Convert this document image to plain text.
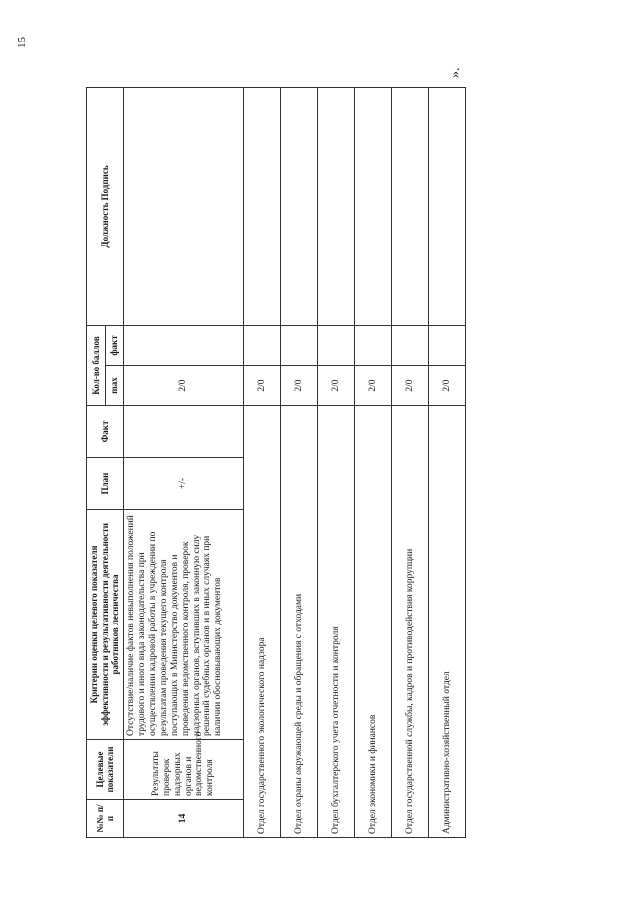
15
».
№№ п/п	Целевые показатели	Критерии оценки целевого показателя эффективности и результативности деятельности работников лесничества	План	Факт	Кол-во баллов		Должность Подпись
					max	факт	
14	Результаты проверок надзорных органов и ведомственного контроля	Отсутствие/наличие фактов невыполнения положений трудового и иного вида законодательства при осуществлении кадровой работы в учреждении по результатам проведения текущего контроля поступающих в Министерство документов и проведения ведомственного контроля, проверок надзорных органов, вступивших в законную силу решений судебных органов и в иных случаях при наличии обосновывающих документов	+/-		2/0		
Отдел государственного экологического надзора					2/0		
Отдел охраны окружающей среды и обращения с отходами					2/0		
Отдел бухгалтерского учета отчетности и контроля					2/0		
Отдел экономики и финансов					2/0		
Отдел государственной службы, кадров и противодействия коррупции					2/0		
Административно-хозяйственный отдел					2/0		
